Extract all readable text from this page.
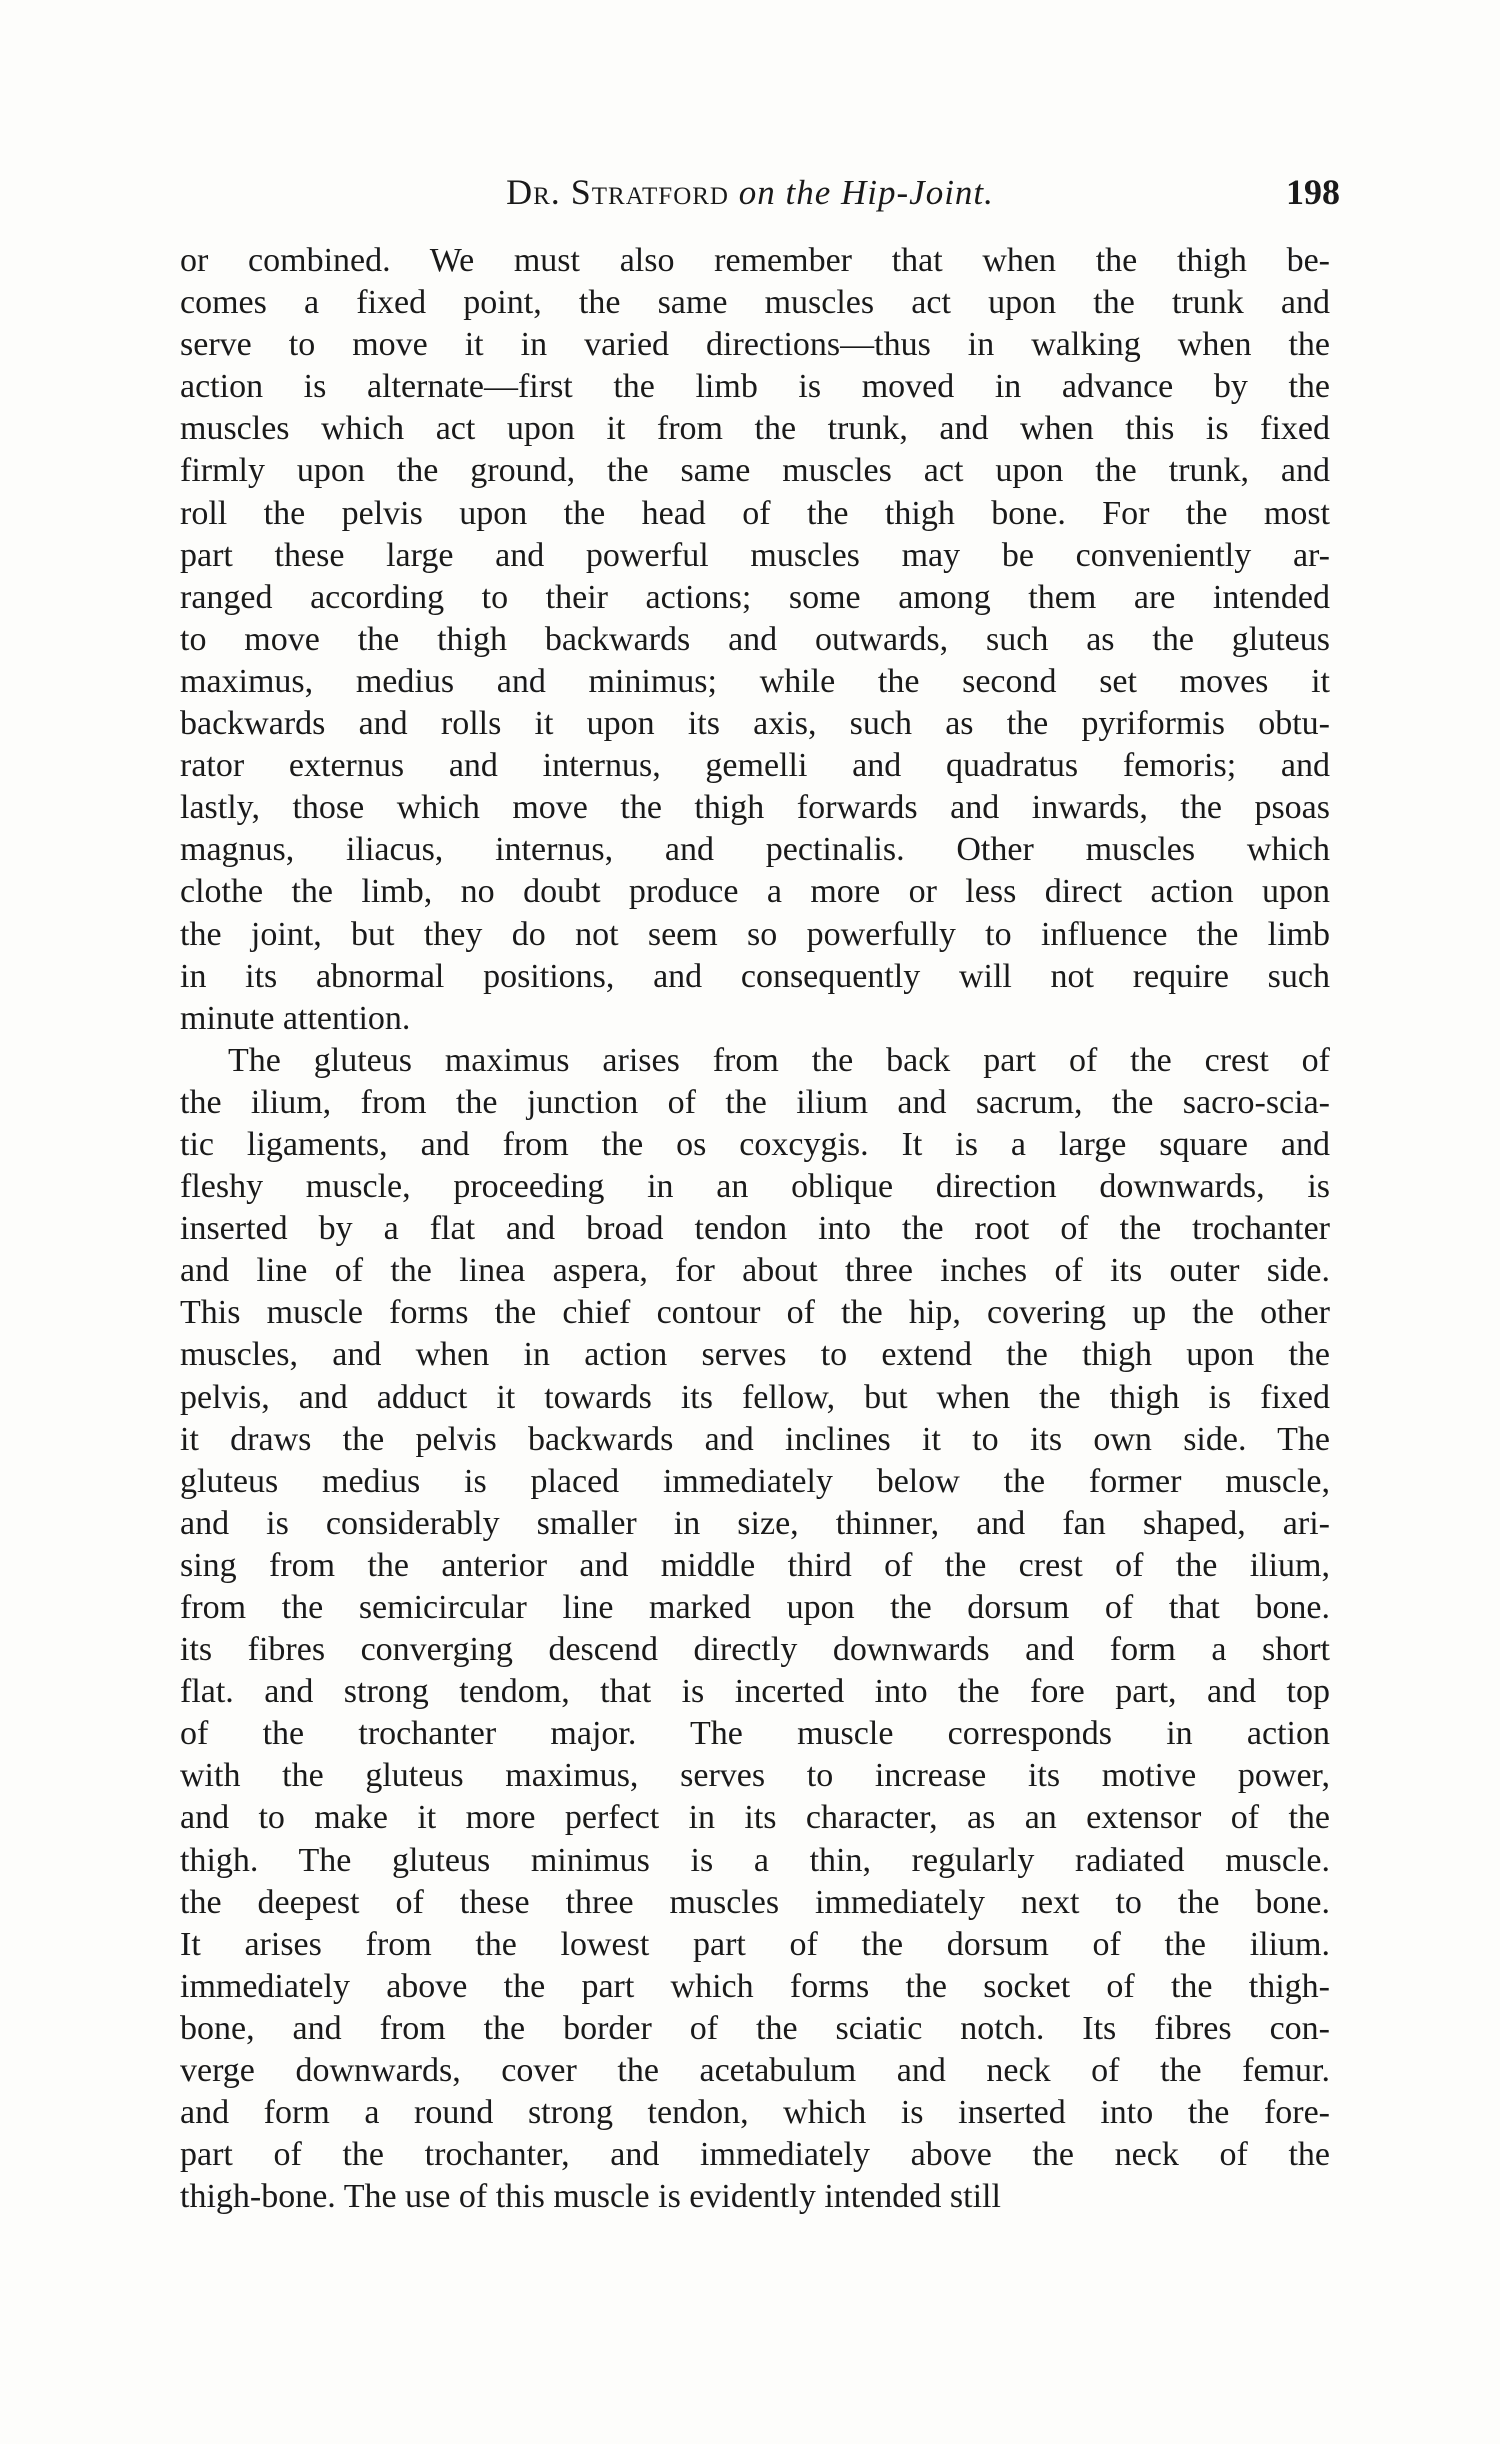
Dr. Stratford on the Hip-Joint.	198
or combined. We must also remember that when the thigh be-
comes a fixed point, the same muscles act upon the trunk and
serve to move it in varied directions—thus in walking when the
action is alternate—first the limb is moved in advance by the
muscles which act upon it from the trunk, and when this is fixed
firmly upon the ground, the same muscles act upon the trunk, and
roll the pelvis upon the head of the thigh bone. For the most
part these large and powerful muscles may be conveniently ar-
ranged according to their actions; some among them are intended
to move the thigh backwards and outwards, such as the gluteus
maximus, medius and minimus; while the second set moves it
backwards and rolls it upon its axis, such as the pyriformis obtu-
rator externus and internus, gemelli and quadratus femoris; and
lastly, those which move the thigh forwards and inwards, the psoas
magnus, iliacus, internus, and pectinalis. Other muscles which
clothe the limb, no doubt produce a more or less direct action upon
the joint, but they do not seem so powerfully to influence the limb
in its abnormal positions, and consequently will not require such
minute attention.
The gluteus maximus arises from the back part of the crest of
the ilium, from the junction of the ilium and sacrum, the sacro-scia-
tic ligaments, and from the os coxcygis. It is a large square and
fleshy muscle, proceeding in an oblique direction downwards, is
inserted by a flat and broad tendon into the root of the trochanter
and line of the linea aspera, for about three inches of its outer side.
This muscle forms the chief contour of the hip, covering up the other
muscles, and when in action serves to extend the thigh upon the
pelvis, and adduct it towards its fellow, but when the thigh is fixed
it draws the pelvis backwards and inclines it to its own side. The
gluteus medius is placed immediately below the former muscle,
and is considerably smaller in size, thinner, and fan shaped, ari-
sing from the anterior and middle third of the crest of the ilium,
from the semicircular line marked upon the dorsum of that bone.
its fibres converging descend directly downwards and form a short
flat. and strong tendom, that is incerted into the fore part, and top
of the trochanter major. The muscle corresponds in action
with the gluteus maximus, serves to increase its motive power,
and to make it more perfect in its character, as an extensor of the
thigh. The gluteus minimus is a thin, regularly radiated muscle.
the deepest of these three muscles immediately next to the bone.
It arises from the lowest part of the dorsum of the ilium.
immediately above the part which forms the socket of the thigh-
bone, and from the border of the sciatic notch. Its fibres con-
verge downwards, cover the acetabulum and neck of the femur.
and form a round strong tendon, which is inserted into the fore-
part of the trochanter, and immediately above the neck of the
thigh-bone. The use of this muscle is evidently intended still
